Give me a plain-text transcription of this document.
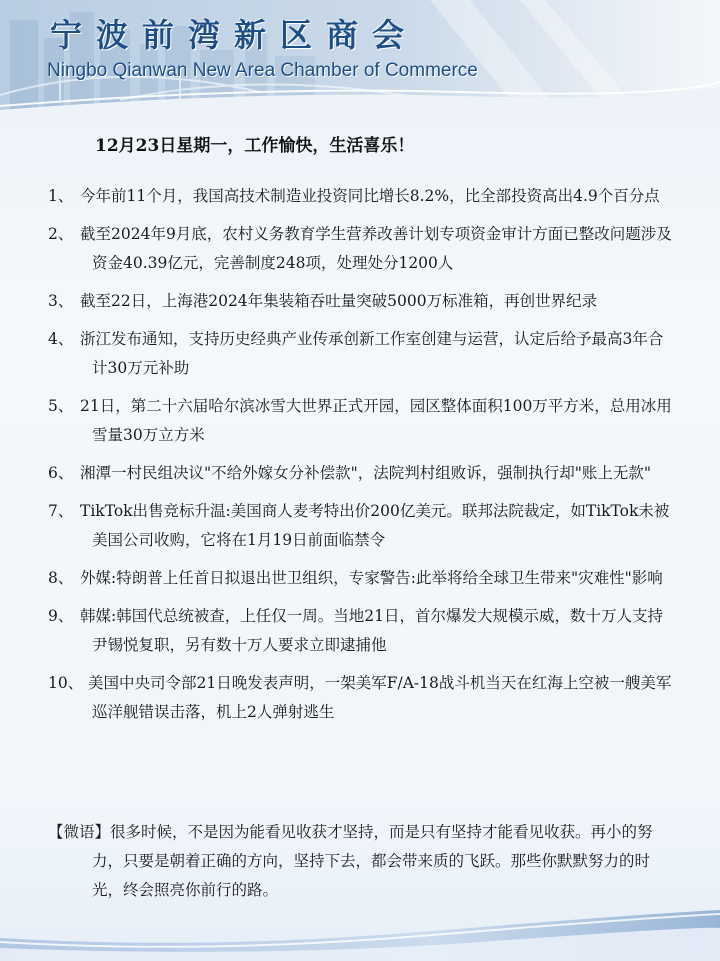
宁波前湾新区商会
Ningbo Qianwan New Area Chamber of Commerce
12月23日星期一，工作愉快，生活喜乐！
1、 今年前11个月，我国高技术制造业投资同比增长8.2%，比全部投资高出4.9个百分点
2、 截至2024年9月底，农村义务教育学生营养改善计划专项资金审计方面已整改问题涉及资金40.39亿元，完善制度248项，处理处分1200人
3、 截至22日，上海港2024年集装箱吞吐量突破5000万标准箱，再创世界纪录
4、 浙江发布通知，支持历史经典产业传承创新工作室创建与运营，认定后给予最高3年合计30万元补助
5、 21日，第二十六届哈尔滨冰雪大世界正式开园，园区整体面积100万平方米，总用冰用雪量30万立方米
6、 湘潭一村民组决议"不给外嫁女分补偿款"，法院判村组败诉，强制执行却"账上无款"
7、 TikTok出售竞标升温:美国商人麦考特出价200亿美元。联邦法院裁定，如TikTok未被美国公司收购，它将在1月19日前面临禁令
8、 外媒:特朗普上任首日拟退出世卫组织，专家警告:此举将给全球卫生带来"灾难性"影响
9、 韩媒:韩国代总统被查，上任仅一周。当地21日，首尔爆发大规模示威，数十万人支持尹锡悦复职，另有数十万人要求立即逮捕他
10、 美国中央司令部21日晚发表声明，一架美军F/A-18战斗机当天在红海上空被一艘美军巡洋舰错误击落，机上2人弹射逃生
【微语】很多时候，不是因为能看见收获才坚持，而是只有坚持才能看见收获。再小的努力，只要是朝着正确的方向，坚持下去，都会带来质的飞跃。那些你默默努力的时光，终会照亮你前行的路。
